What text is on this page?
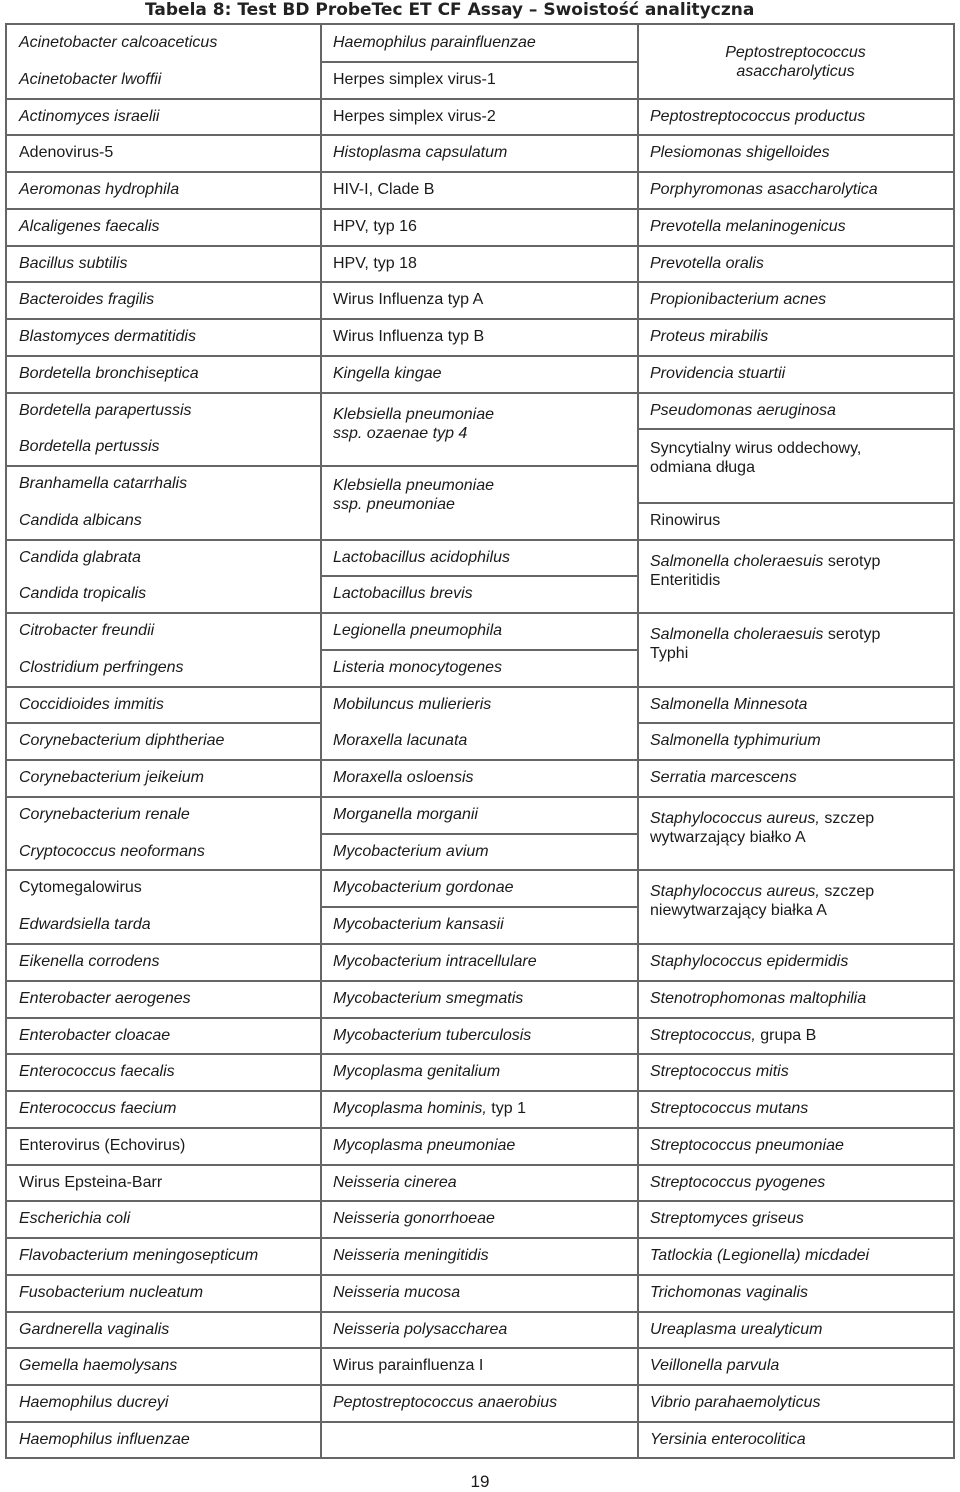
Tabela 8: Test BD ProbeTec ET CF Assay – Swoistość analityczna
Acinetobacter calcoaceticus
Acinetobacter lwoffii
Actinomyces israelii
Adenovirus-5
Aeromonas hydrophila
Alcaligenes faecalis
Bacillus subtilis
Bacteroides fragilis
Blastomyces dermatitidis
Bordetella bronchiseptica
Bordetella parapertussis
Bordetella pertussis
Branhamella catarrhalis
Candida albicans
Candida glabrata
Candida tropicalis
Citrobacter freundii
Clostridium perfringens
Coccidioides immitis
Corynebacterium diphtheriae
Corynebacterium jeikeium
Corynebacterium renale
Cryptococcus neoformans
Cytomegalowirus
Edwardsiella tarda
Eikenella corrodens
Enterobacter aerogenes
Enterobacter cloacae
Enterococcus faecalis
Enterococcus faecium
Enterovirus (Echovirus)
Wirus Epsteina-Barr
Escherichia coli
Flavobacterium meningosepticum
Fusobacterium nucleatum
Gardnerella vaginalis
Gemella haemolysans
Haemophilus ducreyi
Haemophilus influenzae
Haemophilus parainfluenzae
Herpes simplex virus-1
Herpes simplex virus-2
Histoplasma capsulatum
HIV-I, Clade B
HPV, typ 16
HPV, typ 18
Wirus Influenza typ A
Wirus Influenza typ B
Kingella kingae
Klebsiella pneumoniae
ssp. ozaenae typ 4
Klebsiella pneumoniae
ssp. pneumoniae
Lactobacillus acidophilus
Lactobacillus brevis
Legionella pneumophila
Listeria monocytogenes
Mobiluncus mulierieris
Moraxella lacunata
Moraxella osloensis
Morganella morganii
Mycobacterium avium
Mycobacterium gordonae
Mycobacterium kansasii
Mycobacterium intracellulare
Mycobacterium smegmatis
Mycobacterium tuberculosis
Mycoplasma genitalium
Mycoplasma hominis, typ 1
Mycoplasma pneumoniae
Neisseria cinerea
Neisseria gonorrhoeae
Neisseria meningitidis
Neisseria mucosa
Neisseria polysaccharea
Wirus parainfluenza I
Peptostreptococcus anaerobius
Peptostreptococcus
asaccharolyticus
Peptostreptococcus productus
Plesiomonas shigelloides
Porphyromonas asaccharolytica
Prevotella melaninogenicus
Prevotella oralis
Propionibacterium acnes
Proteus mirabilis
Providencia stuartii
Pseudomonas aeruginosa
Syncytialny wirus oddechowy,
odmiana długa
Rinowirus
Salmonella choleraesuis serotyp
Enteritidis
Salmonella choleraesuis serotyp
Typhi
Salmonella Minnesota
Salmonella typhimurium
Serratia marcescens
Staphylococcus aureus, szczep
wytwarzający białko A
Staphylococcus aureus, szczep
niewytwarzający białka A
Staphylococcus epidermidis
Stenotrophomonas maltophilia
Streptococcus, grupa B
Streptococcus mitis
Streptococcus mutans
Streptococcus pneumoniae
Streptococcus pyogenes
Streptomyces griseus
Tatlockia (Legionella) micdadei
Trichomonas vaginalis
Ureaplasma urealyticum
Veillonella parvula
Vibrio parahaemolyticus
Yersinia enterocolitica
19
